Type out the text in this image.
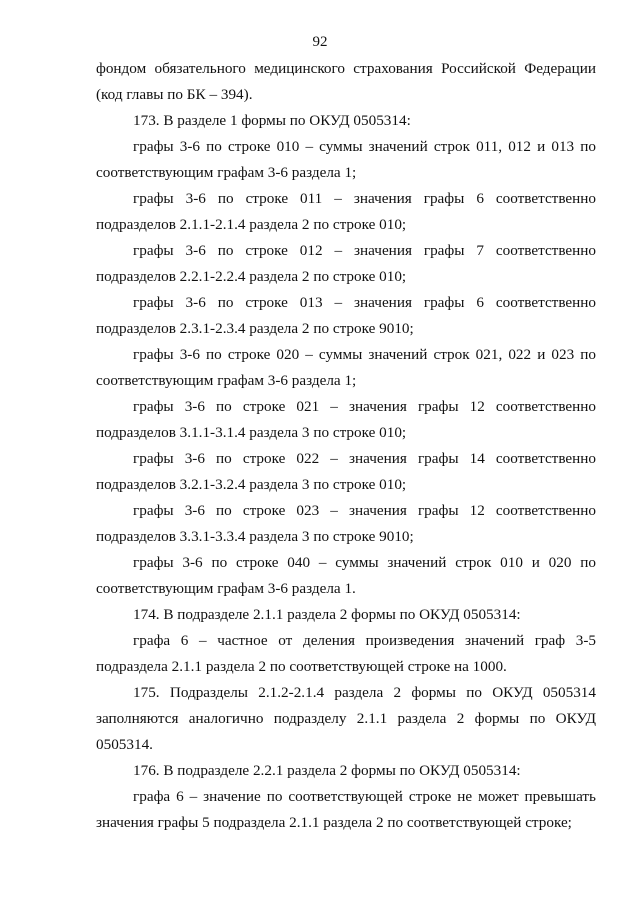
92

фондом обязательного медицинского страхования Российской Федерации (код главы по БК – 394).

173. В разделе 1 формы по ОКУД 0505314:

графы 3-6 по строке 010 – суммы значений строк 011, 012 и 013 по соответствующим графам 3-6 раздела 1;

графы 3-6 по строке 011 – значения графы 6 соответственно подразделов 2.1.1-2.1.4 раздела 2 по строке 010;

графы 3-6 по строке 012 – значения графы 7 соответственно подразделов 2.2.1-2.2.4 раздела 2 по строке 010;

графы 3-6 по строке 013 – значения графы 6 соответственно подразделов 2.3.1-2.3.4 раздела 2 по строке 9010;

графы 3-6 по строке 020 – суммы значений строк 021, 022 и 023 по соответствующим графам 3-6 раздела 1;

графы 3-6 по строке 021 – значения графы 12 соответственно подразделов 3.1.1-3.1.4 раздела 3 по строке 010;

графы 3-6 по строке 022 – значения графы 14 соответственно подразделов 3.2.1-3.2.4 раздела 3 по строке 010;

графы 3-6 по строке 023 – значения графы 12 соответственно подразделов 3.3.1-3.3.4 раздела 3 по строке 9010;

графы 3-6 по строке 040 – суммы значений строк 010 и 020 по соответствующим графам 3-6 раздела 1.

174. В подразделе 2.1.1 раздела 2 формы по ОКУД 0505314:

графа 6 – частное от деления произведения значений граф 3-5 подраздела 2.1.1 раздела 2 по соответствующей строке на 1000.

175. Подразделы 2.1.2-2.1.4 раздела 2 формы по ОКУД 0505314 заполняются аналогично подразделу 2.1.1 раздела 2 формы по ОКУД 0505314.

176. В подразделе 2.2.1 раздела 2 формы по ОКУД 0505314:

графа 6 – значение по соответствующей строке не может превышать значения графы 5 подраздела 2.1.1 раздела 2 по соответствующей строке;
